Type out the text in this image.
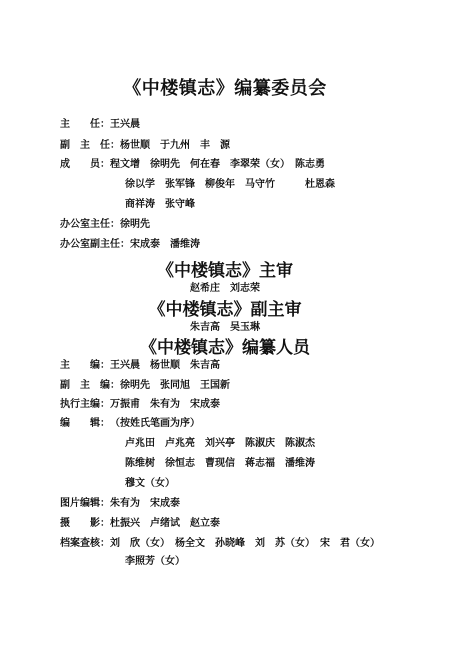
《中楼镇志》编纂委员会
主　　任：王兴晨
副　主　任：杨世顺　于九州　丰　源
成　　员：程文增　徐明先　何在春　李翠荣（女）　陈志勇
徐以学　张军锋　柳俊年　马守竹　　　杜恩森
商祥涛　张守峰
办公室主任：徐明先
办公室副主任：宋成泰　潘维涛
《中楼镇志》主审
赵希庄　刘志荣
《中楼镇志》副主审
朱吉高　吴玉琳
《中楼镇志》编纂人员
主　　编：王兴晨　杨世顺　朱吉高
副　主　编：徐明先　张同旭　王国新
执行主编：万振甫　朱有为　宋成泰
编　　辑：（按姓氏笔画为序）
卢兆田　卢兆亮　刘兴亭　陈淑庆　陈淑杰
陈维树　徐恒志　曹现信　蒋志福　潘维涛
穆文（女）
图片编辑：朱有为　宋成泰
摄　　影：杜振兴　卢绪试　赵立泰
档案查核：刘　欣（女）　杨全文　孙晓峰　刘　苏（女）　宋　君（女）
李照芳（女）
